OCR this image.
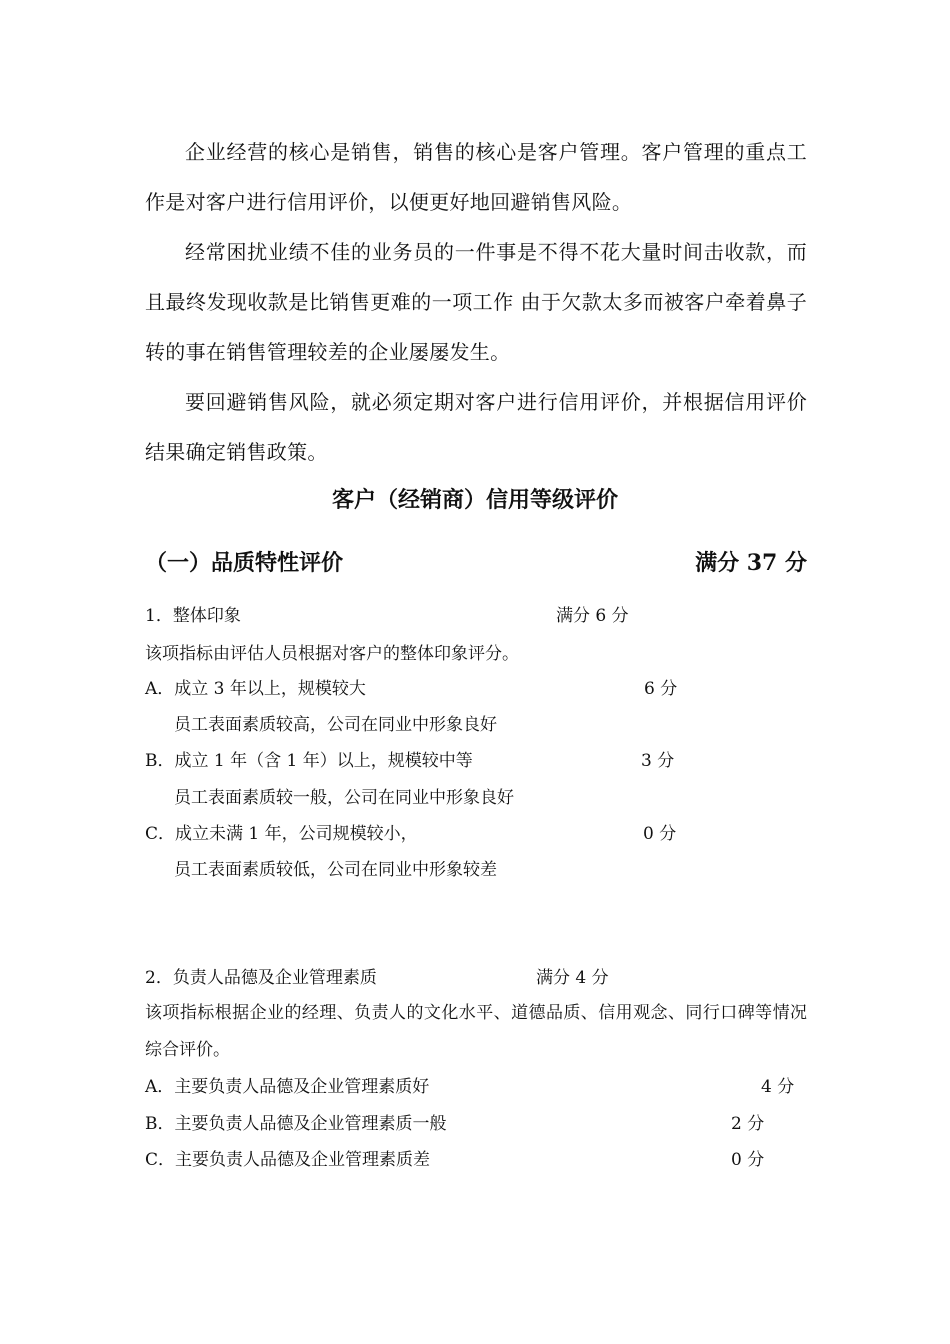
企业经营的核心是销售，销售的核心是客户管理。客户管理的重点工作是对客户进行信用评价，以便更好地回避销售风险。

经常困扰业绩不佳的业务员的一件事是不得不花大量时间击收款，而且最终发现收款是比销售更难的一项工作 由于欠款太多而被客户牵着鼻子转的事在销售管理较差的企业屡屡发生。

要回避销售风险，就必须定期对客户进行信用评价，并根据信用评价结果确定销售政策。

客户（经销商）信用等级评价
（一）品质特性评价	满分 37 分
1．整体印象	满分 6 分
该项指标由评估人员根据对客户的整体印象评分。
A．成立 3 年以上，规模较大	6 分
员工表面素质较高，公司在同业中形象良好
B．成立 1 年（含 1 年）以上，规模较中等	3 分
员工表面素质较一般，公司在同业中形象良好
C．成立未满 1 年，公司规模较小，	0 分
员工表面素质较低，公司在同业中形象较差
2．负责人品德及企业管理素质	满分 4 分

该项指标根据企业的经理、负责人的文化水平、道德品质、信用观念、同行口碑等情况综合评价。

A．主要负责人品德及企业管理素质好	4 分
B．主要负责人品德及企业管理素质一般	2 分
C．主要负责人品德及企业管理素质差	0 分
